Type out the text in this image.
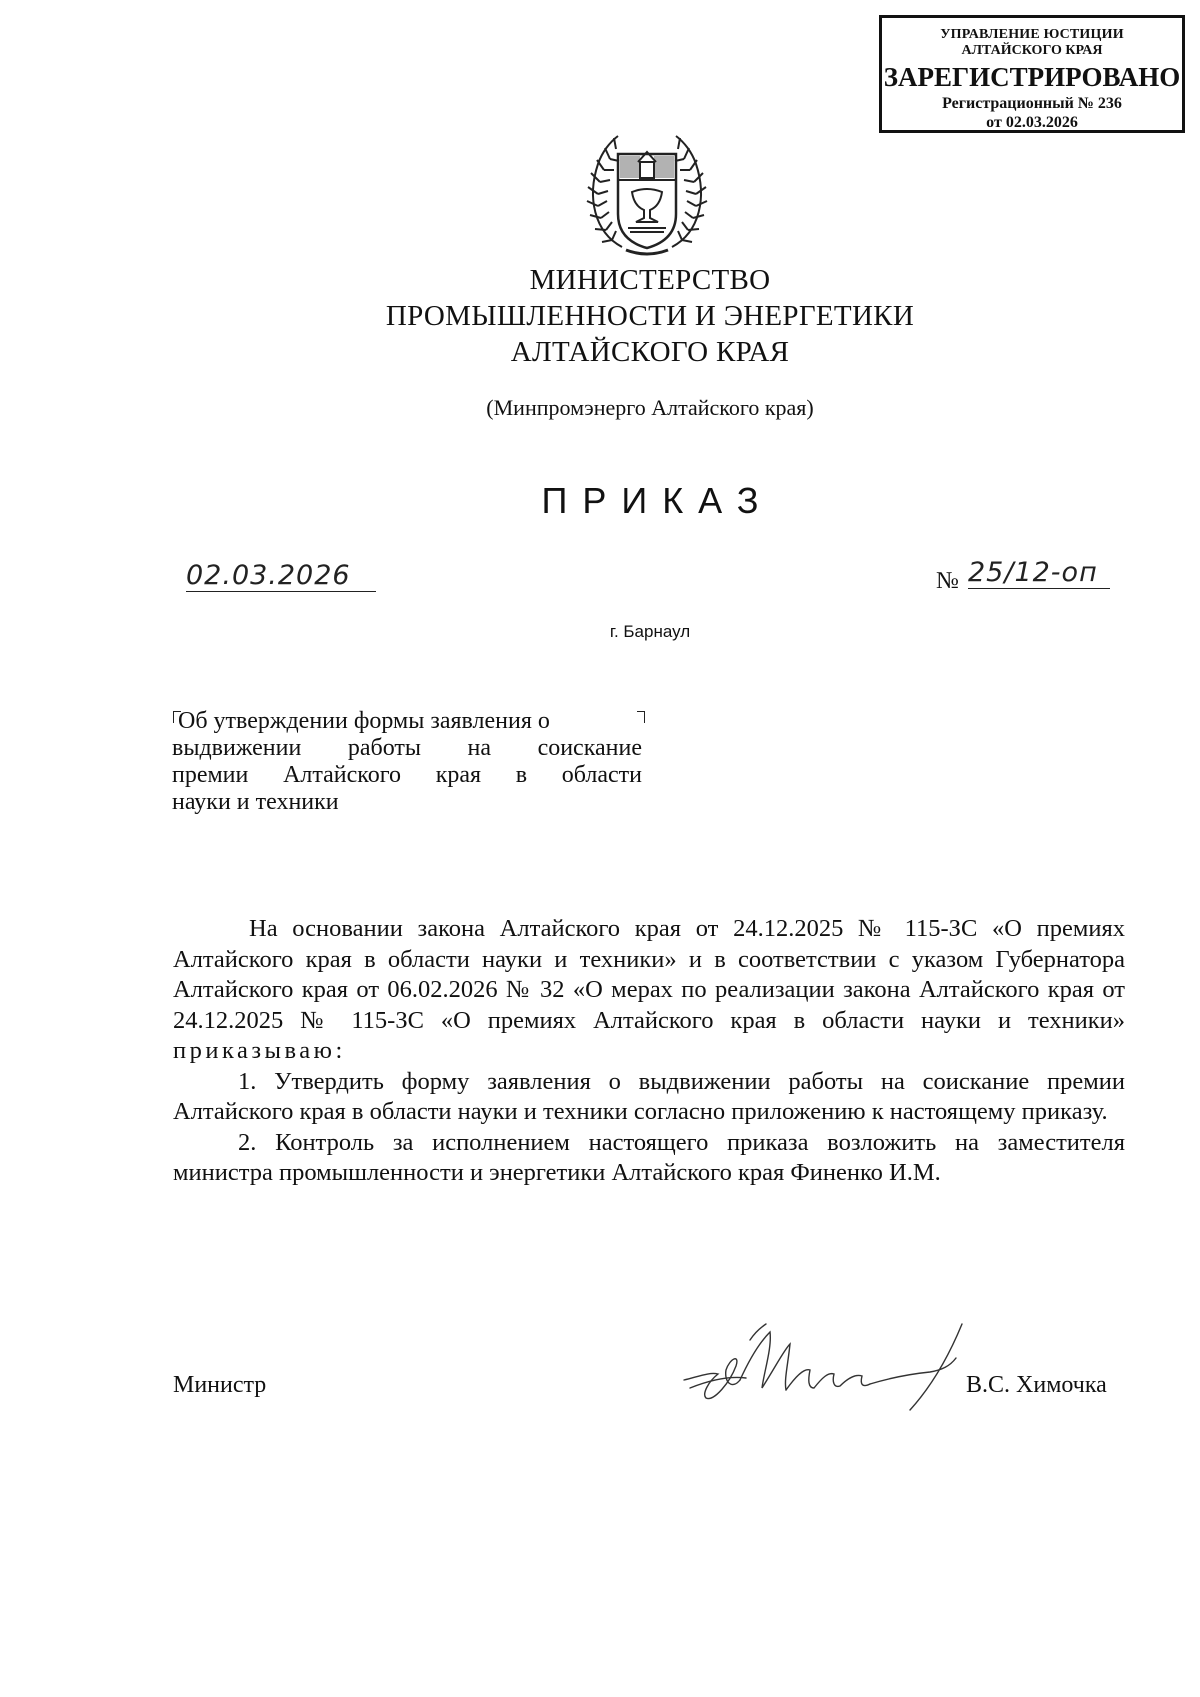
УПРАВЛЕНИЕ ЮСТИЦИИ
АЛТАЙСКОГО КРАЯ
ЗАРЕГИСТРИРОВАНО
Регистрационный № 236
от 02.03.2026
МИНИСТЕРСТВО
ПРОМЫШЛЕННОСТИ И ЭНЕРГЕТИКИ
АЛТАЙСКОГО КРАЯ
(Минпромэнерго Алтайского края)
ПРИКАЗ
02.03.2026	№ 25/12-оп
г. Барнаул
Об утверждении формы заявления о
выдвижении работы на соискание
премии Алтайского края в области
науки и техники

На основании закона Алтайского края от 24.12.2025 № 115-ЗС «О премиях Алтайского края в области науки и техники» и в соответствии с указом Губернатора Алтайского края от 06.02.2026 № 32 «О мерах по реализации закона Алтайского края от 24.12.2025 № 115-ЗС «О премиях Алтайского края в области науки и техники» приказываю:

1. Утвердить форму заявления о выдвижении работы на соискание премии Алтайского края в области науки и техники согласно приложению к настоящему приказу.

2. Контроль за исполнением настоящего приказа возложить на заместителя министра промышленности и энергетики Алтайского края Финенко И.М.

Министр	В.С. Химочка
